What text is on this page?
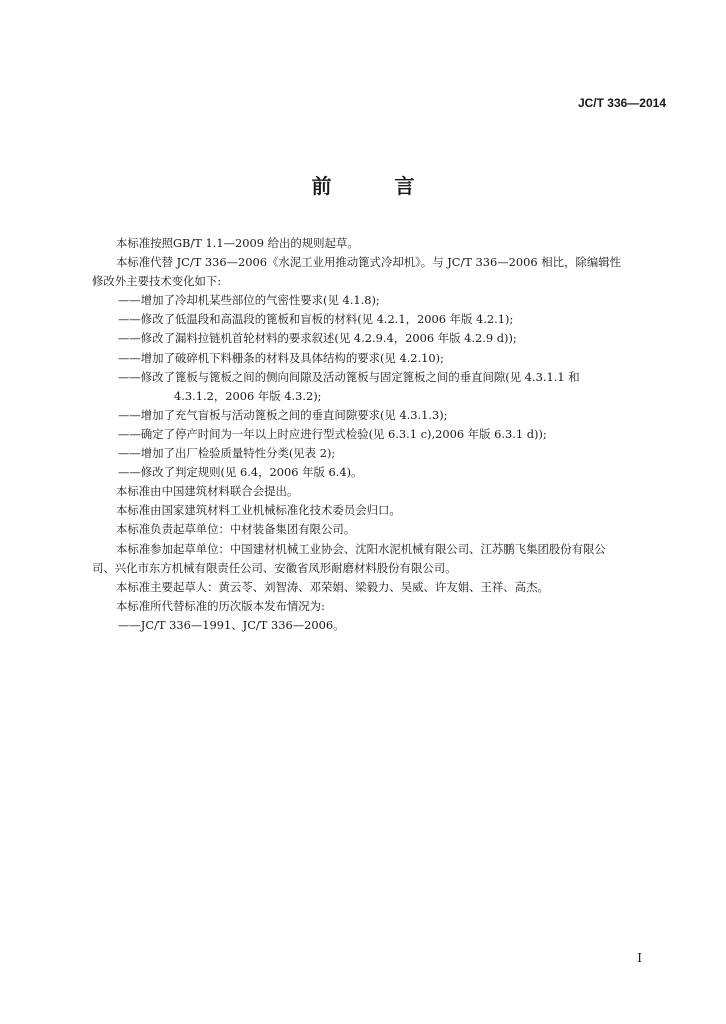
JC/T 336—2014
前 言

本标准按照GB/T 1.1—2009 给出的规则起草。

本标准代替 JC/T 336—2006《水泥工业用推动篦式冷却机》。与 JC/T 336—2006 相比，除编辑性

修改外主要技术变化如下:

——增加了冷却机某些部位的气密性要求(见 4.1.8);

——修改了低温段和高温段的篦板和盲板的材料(见 4.2.1，2006 年版 4.2.1);

——修改了漏料拉链机首轮材料的要求叙述(见 4.2.9.4，2006 年版 4.2.9 d));

——增加了破碎机下料栅条的材料及具体结构的要求(见 4.2.10);

——修改了篦板与篦板之间的侧向间隙及活动篦板与固定篦板之间的垂直间隙(见 4.3.1.1 和

4.3.1.2，2006 年版 4.3.2);

——增加了充气盲板与活动篦板之间的垂直间隙要求(见 4.3.1.3);

——确定了停产时间为一年以上时应进行型式检验(见 6.3.1 c),2006 年版 6.3.1 d));

——增加了出厂检验质量特性分类(见表 2);

——修改了判定规则(见 6.4，2006 年版 6.4)。

本标准由中国建筑材料联合会提出。

本标准由国家建筑材料工业机械标准化技术委员会归口。

本标准负责起草单位：中材装备集团有限公司。

本标准参加起草单位：中国建材机械工业协会、沈阳水泥机械有限公司、江苏鹏飞集团股份有限公

司、兴化市东方机械有限责任公司、安徽省凤形耐磨材料股份有限公司。

本标准主要起草人：黄云苓、刘智涛、邓荣娟、梁毅力、吴威、许友娟、王祥、高杰。

本标准所代替标准的历次版本发布情况为:

——JC/T 336—1991、JC/T 336—2006。

I
